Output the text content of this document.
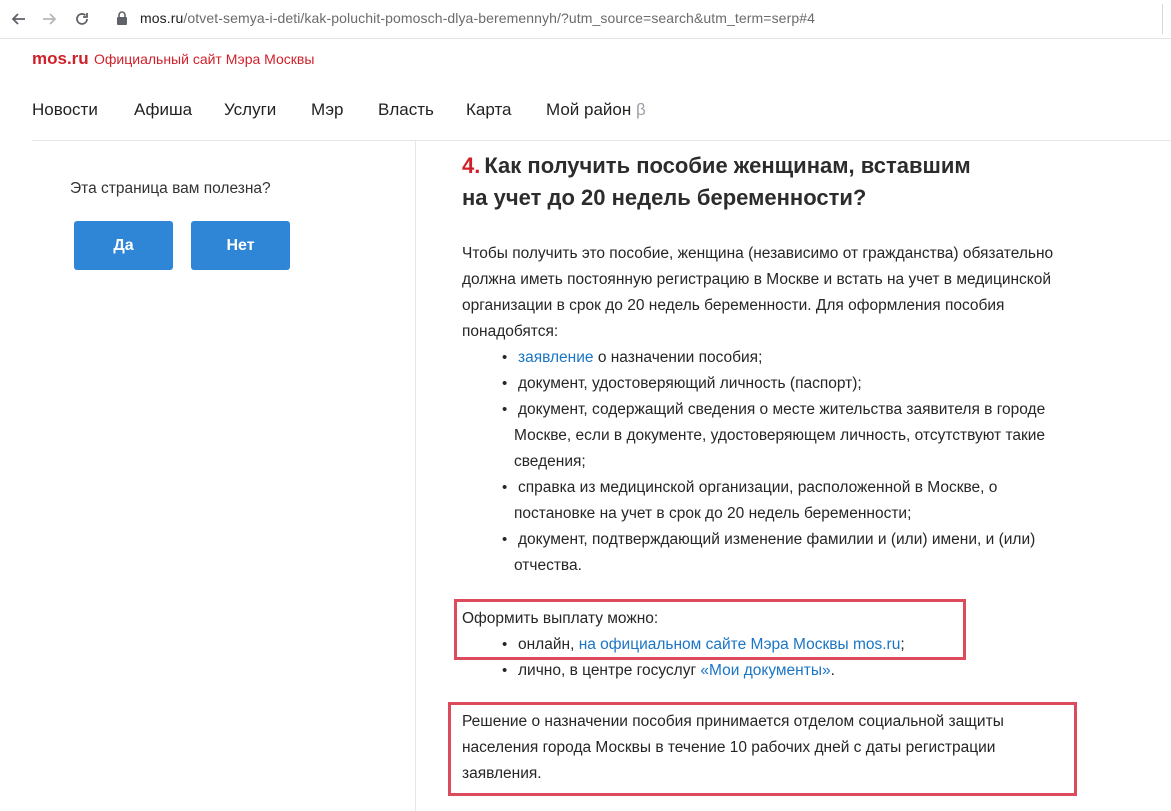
mos.ru/otvet-semya-i-deti/kak-poluchit-pomosch-dlya-beremennyh/?utm_source=search&utm_term=serp#4
mos.ru Официальный сайт Мэра Москвы
Новости Афиша Услуги Мэр Власть Карта Мой район β
Эта страница вам полезна?
Да	Нет
4. Как получить пособие женщинам, вставшим
на учет до 20 недель беременности?
Чтобы получить это пособие, женщина (независимо от гражданства) обязательно
должна иметь постоянную регистрацию в Москве и встать на учет в медицинской
организации в срок до 20 недель беременности. Для оформления пособия
понадобятся:
• заявление о назначении пособия;
• документ, удостоверяющий личность (паспорт);
• документ, содержащий сведения о месте жительства заявителя в городе
Москве, если в документе, удостоверяющем личность, отсутствуют такие
сведения;
• справка из медицинской организации, расположенной в Москве, о
постановке на учет в срок до 20 недель беременности;
• документ, подтверждающий изменение фамилии и (или) имени, и (или)
отчества.
Оформить выплату можно:
• онлайн, на официальном сайте Мэра Москвы mos.ru;
• лично, в центре госуслуг «Мои документы».
Решение о назначении пособия принимается отделом социальной защиты
населения города Москвы в течение 10 рабочих дней с даты регистрации
заявления.
